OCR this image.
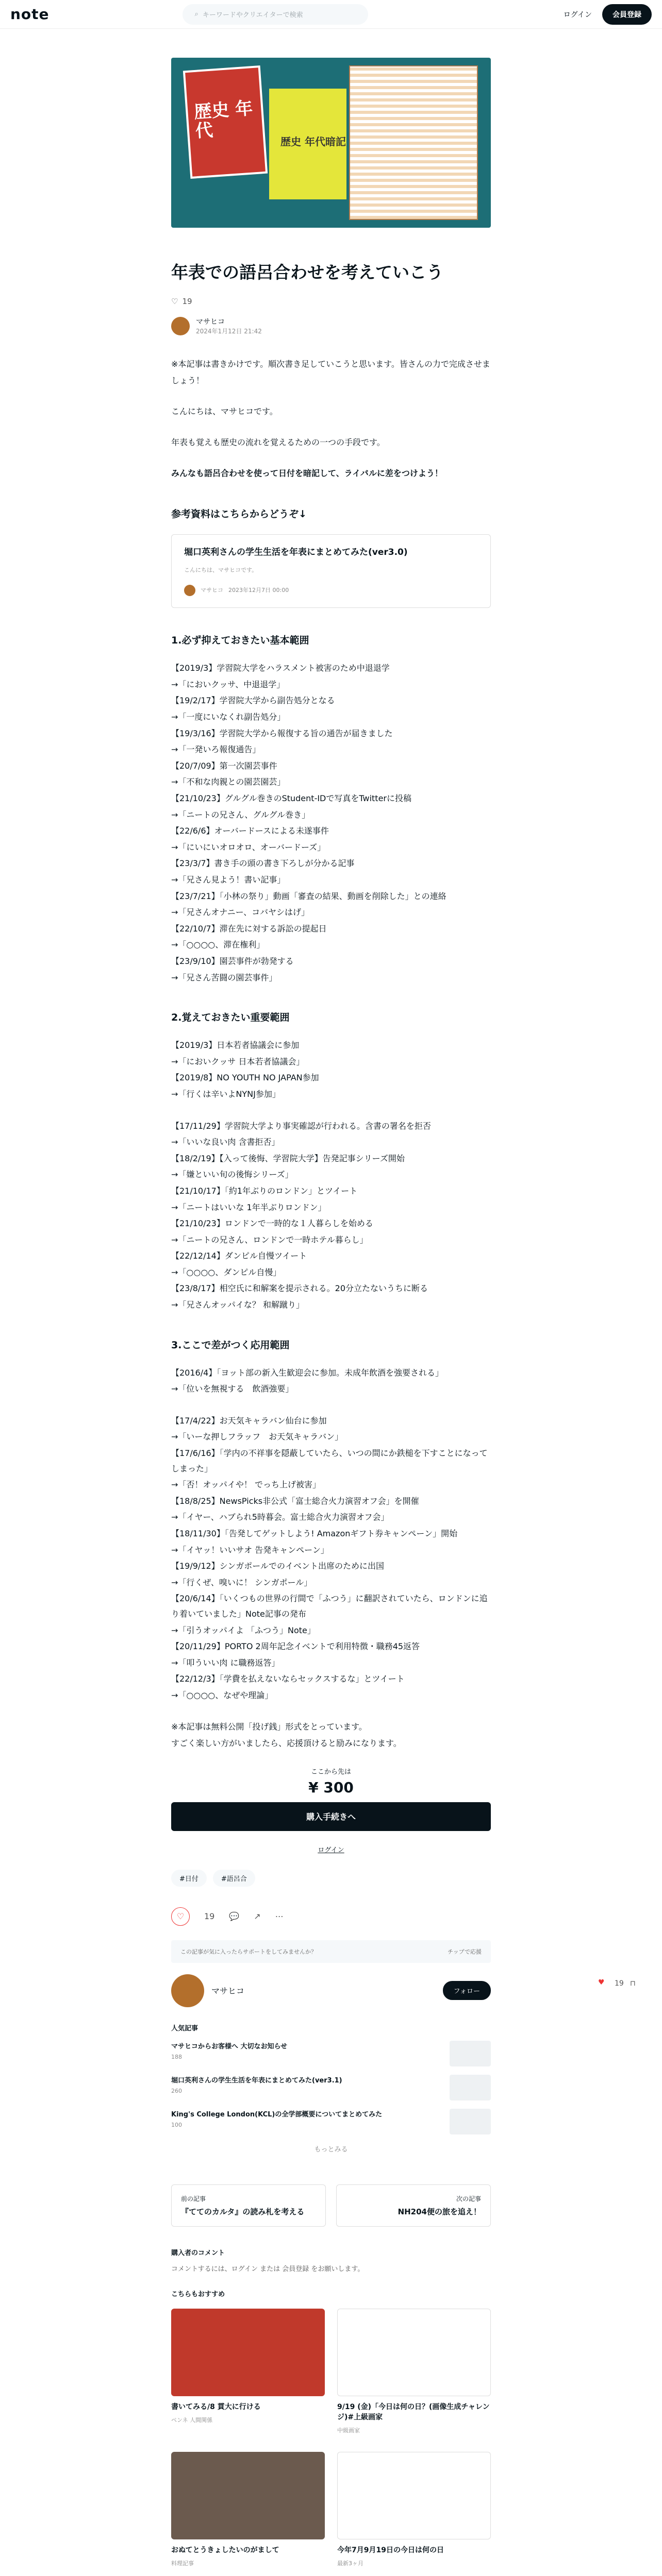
note	⌕ キーワードやクリエイターで検索	ログイン	会員登録
歴史 年代	歴史 年代暗記
年表での語呂合わせを考えていこう
♡ 19
マサヒコ
2024年1月12日 21:42

※本記事は書きかけです。順次書き足していこうと思います。皆さんの力で完成させましょう！

こんにちは、マサヒコです。

年表も覚えも歴史の流れを覚えるための一つの手段です。

みんなも語呂合わせを使って日付を暗記して、ライバルに差をつけよう！

参考資料はこちらからどうぞ↓
堀口英利さんの学生生活を年表にまとめてみた(ver3.0)
こんにちは、マサヒコです。
マサヒコ 2023年12月7日 00:00
1.必ず抑えておきたい基本範囲
【2019/3】学習院大学をハラスメント被害のため中退退学
→「においクッサ、中退退学」
【19/2/17】学習院大学から副告処分となる
→「一度にいなくれ副告処分」
【19/3/16】学習院大学から報復する旨の通告が届きました
→「一発いろ報復通告」
【20/7/09】第一次園芸事件
→「不和な肉親との園芸園芸」
【21/10/23】グルグル巻きのStudent-IDで写真をTwitterに投稿
→「ニートの兄さん、グルグル巻き」
【22/6/6】オーバードースによる未遂事件
→「にいにいオロオロ、オーバードーズ」
【23/3/7】書き手の頭の書き下ろしが分かる記事
→「兄さん見よう！書い記事」
【23/7/21】「小林の祭り」動画「審査の結果、動画を削除した」との連絡
→「兄さんオナニー、コバヤシはげ」
【22/10/7】滞在先に対する訴訟の提起日
→「○○○○、滞在権利」
【23/9/10】園芸事件が勃発する
→「兄さん苦闘の園芸事件」
2.覚えておきたい重要範囲
【2019/3】日本若者協議会に参加
→「においクッサ 日本若者協議会」
【2019/8】NO YOUTH NO JAPAN参加
→「行くは辛いよNYNJ参加」
【17/11/29】学習院大学より事実確認が行われる。含書の署名を拒否
→「いいな良い肉 含書拒否」
【18/2/19】【入って後悔、学習院大学】告発記事シリーズ開始
→「嫌といい旬の後悔シリーズ」
【21/10/17】「約1年ぶりのロンドン」とツイート
→「ニートはいいな 1年半ぶりロンドン」
【21/10/23】ロンドンで一時的な１人暮らしを始める
→「ニートの兄さん、ロンドンで一時ホテル暮らし」
【22/12/14】ダンピル自慢ツイート
→「○○○○、ダンピル自慢」
【23/8/17】相空氏に和解案を提示される。20分立たないうちに断る
→「兄さんオッパイな？ 和解蹴り」
3.ここで差がつく応用範囲
【2016/4】「ヨット部の新入生歓迎会に参加。未成年飲酒を強要される」
→「位いを無視する　飲酒強要」
【17/4/22】お天気キャラバン仙台に参加
→「いーな押しフラッフ　お天気キャラバン」
【17/6/16】「学内の不祥事を隠蔽していたら、いつの間にか鉄槌を下すことになってしまった」
→「否！オッパイや！ でっち上げ被害」
【18/8/25】NewsPicks非公式「富士総合火力演習オフ会」を開催
→「イヤー、ハブられ5時暮会。富士総合火力演習オフ会」
【18/11/30】「告発してゲットしよう! Amazonギフト券キャンペーン」開始
→「イヤッ！いいサオ 告発キャンペーン」
【19/9/12】シンガポールでのイベント出席のために出国
→「行くぜ、嗅いに！ シンガポール」
【20/6/14】「いくつもの世界の行間で「ふつう」に翻訳されていたら、ロンドンに追り着いていました」Note記事の発布
→「引うオッパイよ 「ふつう」Note」
【20/11/29】PORTO 2周年記念イベントで利用特徴・職務45返答
→「叩ういい肉 に職務返答」
【22/12/3】「学費を払えないならセックスするな」とツイート
→「○○○○、なぜや理論」

※本記事は無料公開「投げ銭」形式をとっています。

すごく楽しい方がいましたら、応援頂けると励みになります。

ここから先は
¥ 300
購入手続きへ
ログイン
#日付	#語呂合
♡	19 💬 ↗ ⋯
この記事が気に入ったらサポートをしてみませんか？	チップで応援
マサヒコ	フォロー
人気記事
マサヒコからお客様へ 大切なお知らせ
188
堀口英利さんの学生生活を年表にまとめてみた(ver3.1)
260
King's College London(KCL)の全学部概要についてまとめてみた
100
もっとみる
前の記事
『ててのカルタ』の読み札を考える
次の記事
NH204便の旅を追え！
購入者のコメント
コメントするには、ログイン または 会員登録 をお願いします。
こちらもおすすめ
書いてみる/8 貫大に行ける
ペンネ 人間関係
9/19 (金)「今日は何の日？(画像生成チャレンジ)#上級画家
中級画家
おぬてとうきょしたいのがまして
料理記事
今年7月9月19日の今日は何の日
最新3ヶ月
♥	19 ⊓
